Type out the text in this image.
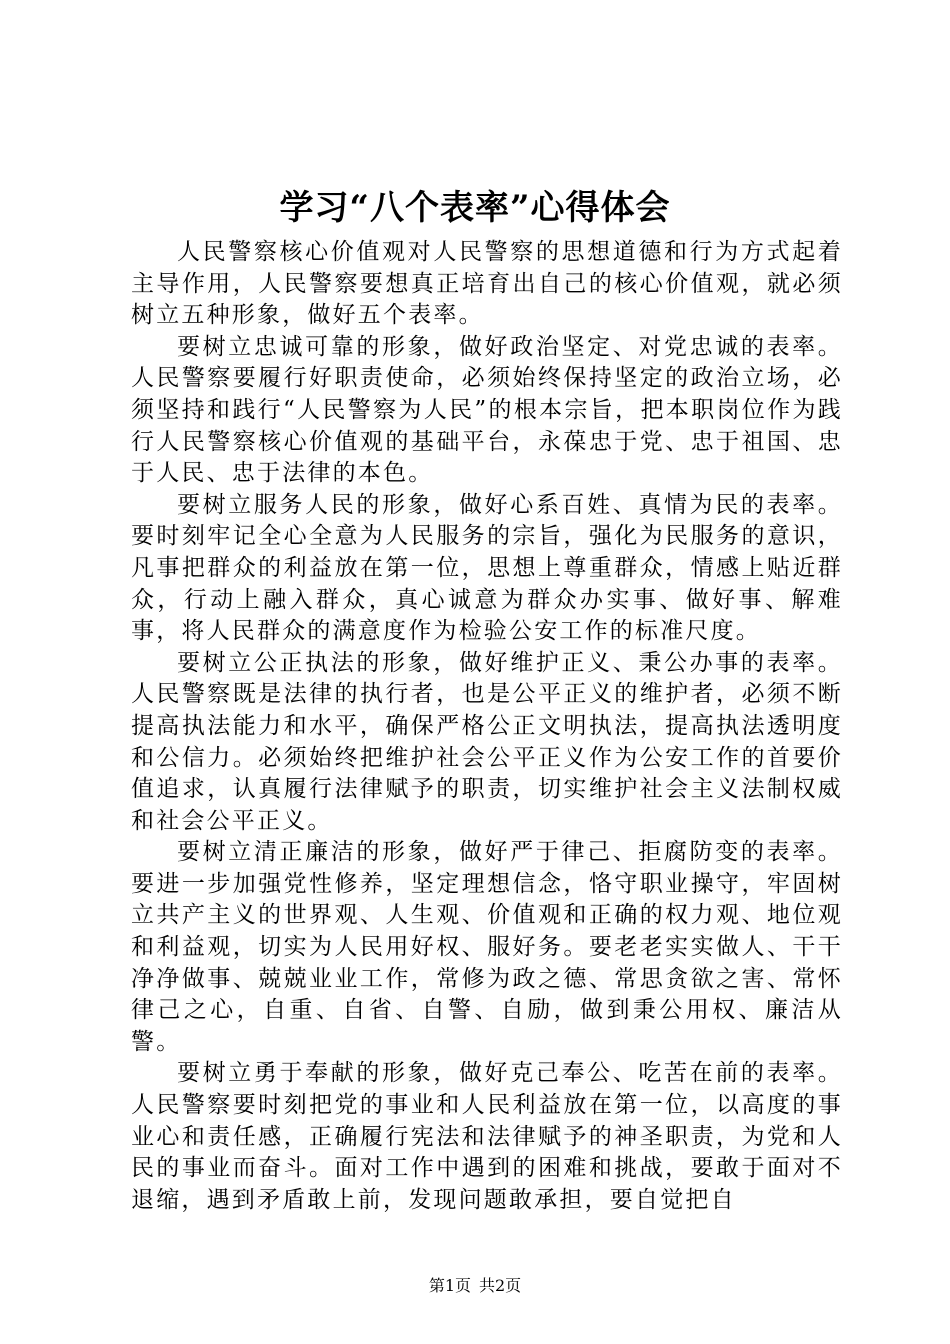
学习“八个表率”心得体会

人民警察核心价值观对人民警察的思想道德和行为方式起着主导作用，人民警察要想真正培育出自己的核心价值观，就必须树立五种形象，做好五个表率。

要树立忠诚可靠的形象，做好政治坚定、对党忠诚的表率。人民警察要履行好职责使命，必须始终保持坚定的政治立场，必须坚持和践行“人民警察为人民”的根本宗旨，把本职岗位作为践行人民警察核心价值观的基础平台，永葆忠于党、忠于祖国、忠于人民、忠于法律的本色。

要树立服务人民的形象，做好心系百姓、真情为民的表率。要时刻牢记全心全意为人民服务的宗旨，强化为民服务的意识，凡事把群众的利益放在第一位，思想上尊重群众，情感上贴近群众，行动上融入群众，真心诚意为群众办实事、做好事、解难事，将人民群众的满意度作为检验公安工作的标准尺度。

要树立公正执法的形象，做好维护正义、秉公办事的表率。人民警察既是法律的执行者，也是公平正义的维护者，必须不断提高执法能力和水平，确保严格公正文明执法，提高执法透明度和公信力。必须始终把维护社会公平正义作为公安工作的首要价值追求，认真履行法律赋予的职责，切实维护社会主义法制权威和社会公平正义。

要树立清正廉洁的形象，做好严于律己、拒腐防变的表率。要进一步加强党性修养，坚定理想信念，恪守职业操守，牢固树立共产主义的世界观、人生观、价值观和正确的权力观、地位观和利益观，切实为人民用好权、服好务。要老老实实做人、干干净净做事、兢兢业业工作，常修为政之德、常思贪欲之害、常怀律己之心，自重、自省、自警、自励，做到秉公用权、廉洁从警。

要树立勇于奉献的形象，做好克己奉公、吃苦在前的表率。人民警察要时刻把党的事业和人民利益放在第一位，以高度的事业心和责任感，正确履行宪法和法律赋予的神圣职责，为党和人民的事业而奋斗。面对工作中遇到的困难和挑战，要敢于面对不退缩，遇到矛盾敢上前，发现问题敢承担，要自觉把自

第1页 共2页
